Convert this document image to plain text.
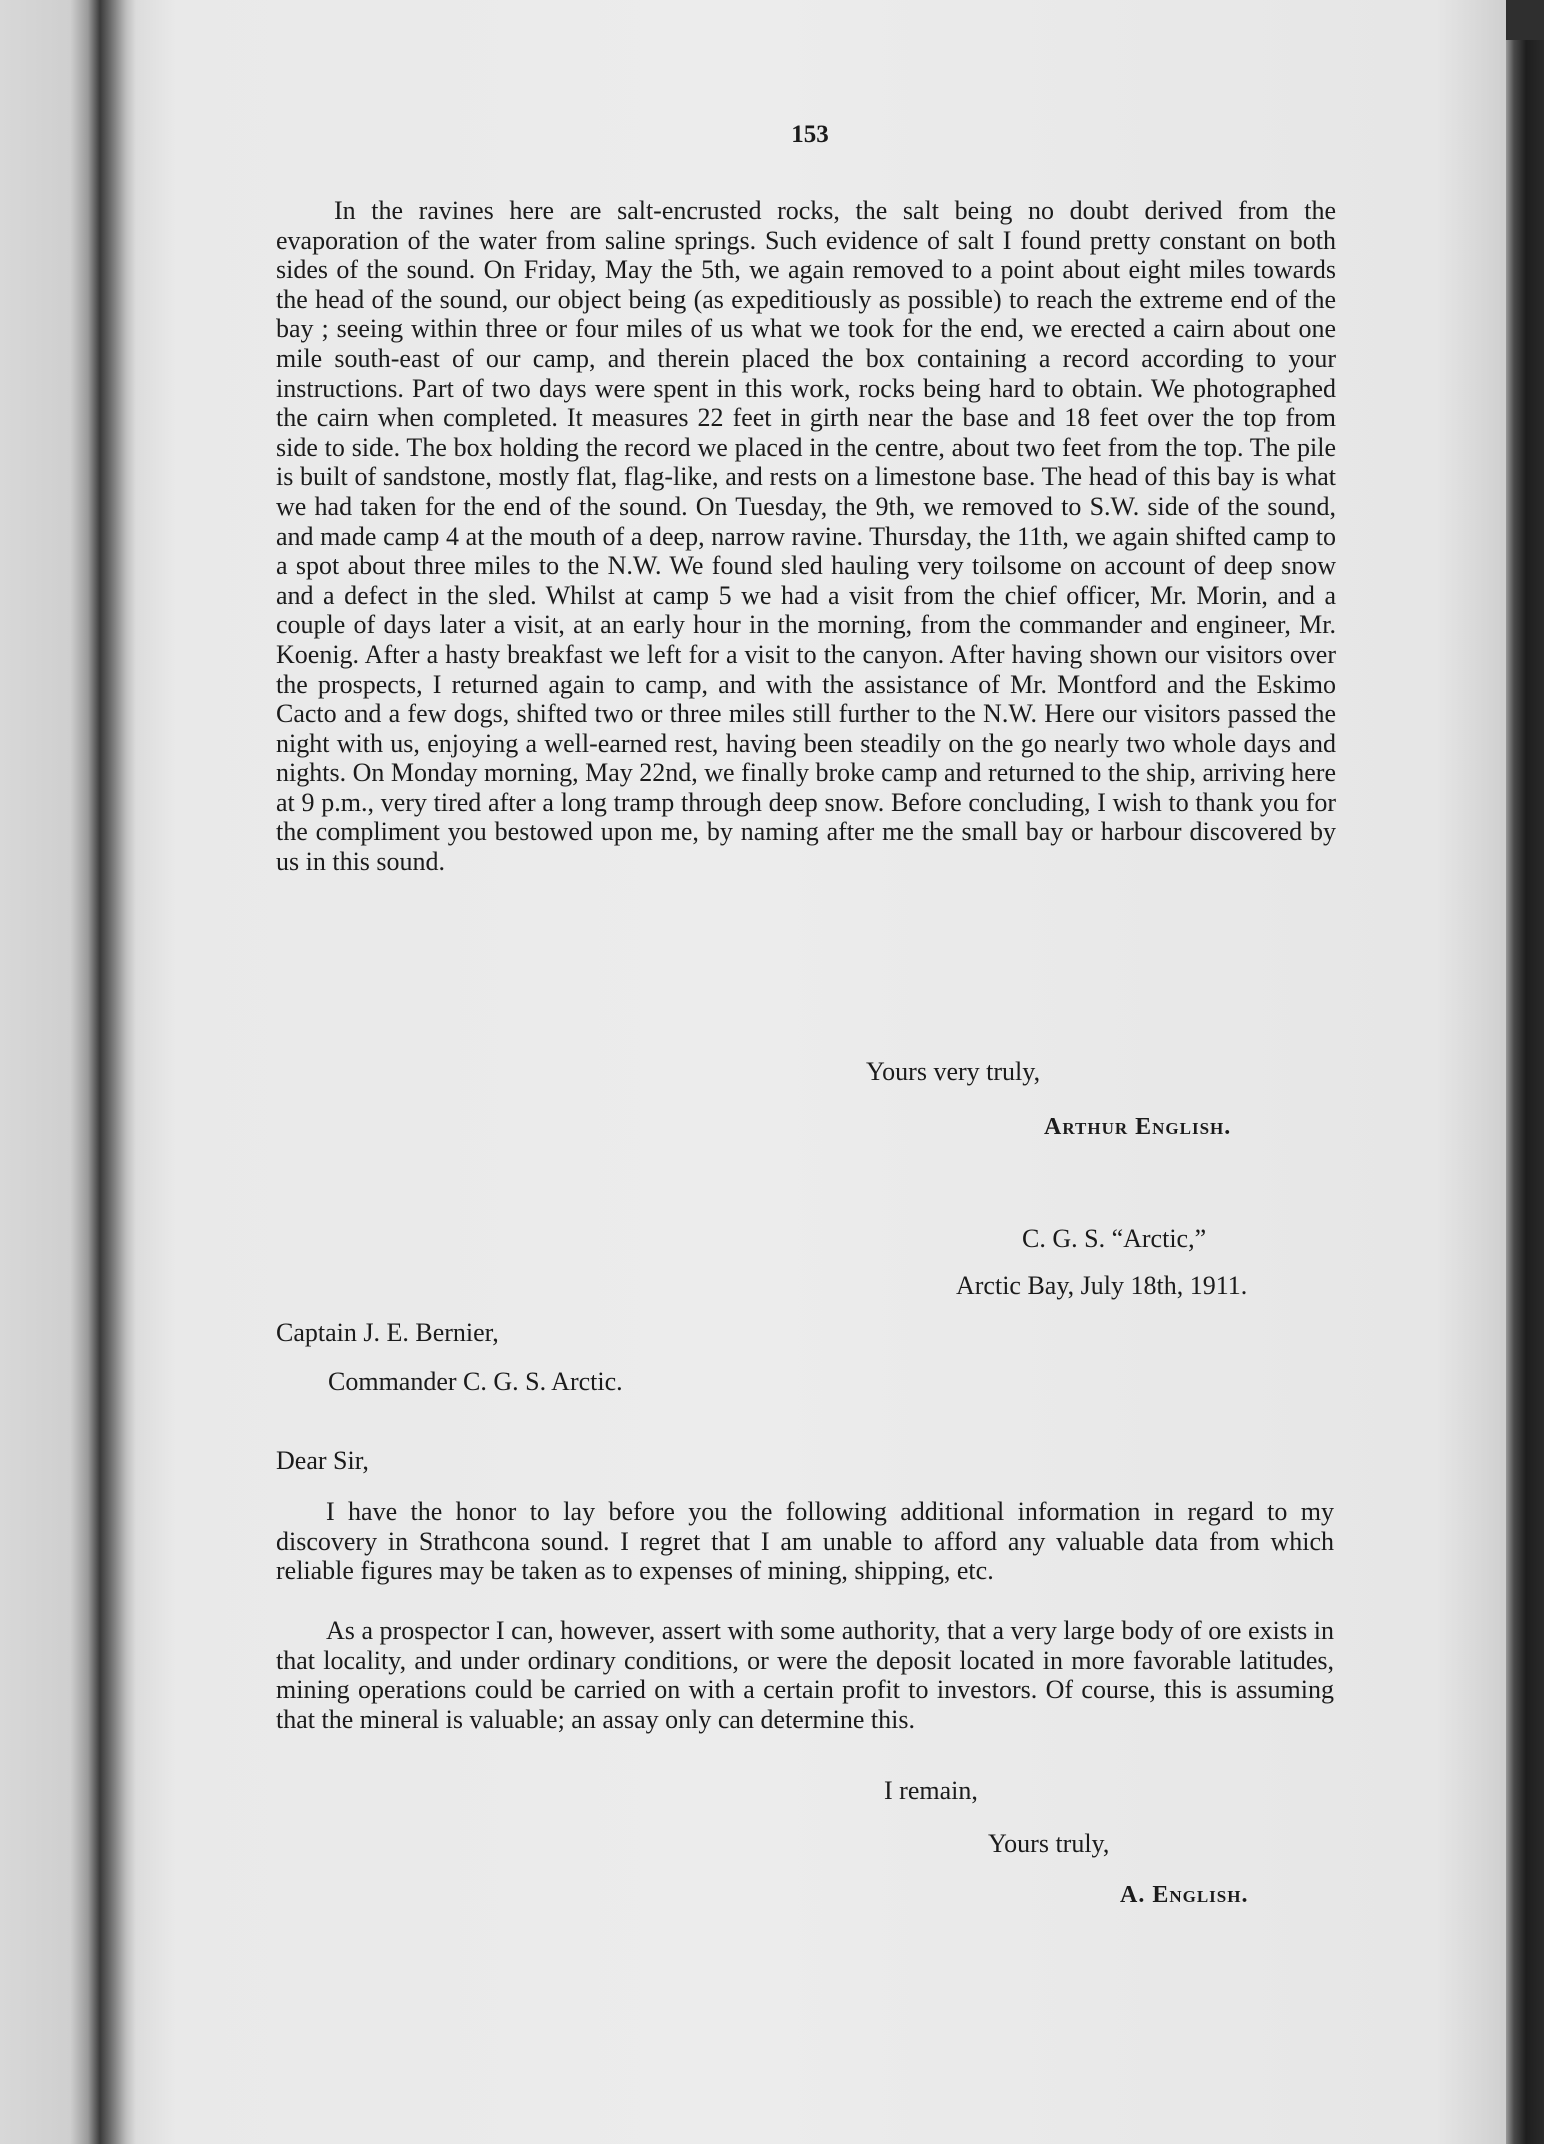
153

In the ravines here are salt-encrusted rocks, the salt being no doubt derived from the evaporation of the water from saline springs. Such evidence of salt I found pretty constant on both sides of the sound. On Friday, May the 5th, we again removed to a point about eight miles towards the head of the sound, our object being (as expeditiously as possible) to reach the extreme end of the bay ; seeing within three or four miles of us what we took for the end, we erected a cairn about one mile south-east of our camp, and therein placed the box containing a record according to your instructions. Part of two days were spent in this work, rocks being hard to obtain. We photographed the cairn when completed. It measures 22 feet in girth near the base and 18 feet over the top from side to side. The box holding the record we placed in the centre, about two feet from the top. The pile is built of sandstone, mostly flat, flag-like, and rests on a limestone base. The head of this bay is what we had taken for the end of the sound. On Tuesday, the 9th, we removed to S.W. side of the sound, and made camp 4 at the mouth of a deep, narrow ravine. Thursday, the 11th, we again shifted camp to a spot about three miles to the N.W. We found sled hauling very toilsome on account of deep snow and a defect in the sled. Whilst at camp 5 we had a visit from the chief officer, Mr. Morin, and a couple of days later a visit, at an early hour in the morning, from the commander and engineer, Mr. Koenig. After a hasty breakfast we left for a visit to the canyon. After having shown our visitors over the prospects, I returned again to camp, and with the assistance of Mr. Montford and the Eskimo Cacto and a few dogs, shifted two or three miles still further to the N.W. Here our visitors passed the night with us, enjoying a well-earned rest, having been steadily on the go nearly two whole days and nights. On Monday morning, May 22nd, we finally broke camp and returned to the ship, arriving here at 9 p.m., very tired after a long tramp through deep snow. Before concluding, I wish to thank you for the compliment you bestowed upon me, by naming after me the small bay or harbour discovered by us in this sound.

Yours very truly,
Arthur English.
C. G. S. “Arctic,”
Arctic Bay, July 18th, 1911.
Captain J. E. Bernier,
Commander C. G. S. Arctic.
Dear Sir,

I have the honor to lay before you the following additional information in regard to my discovery in Strathcona sound. I regret that I am unable to afford any valuable data from which reliable figures may be taken as to expenses of mining, shipping, etc.

As a prospector I can, however, assert with some authority, that a very large body of ore exists in that locality, and under ordinary conditions, or were the deposit located in more favorable latitudes, mining operations could be carried on with a certain profit to investors. Of course, this is assuming that the mineral is valuable; an assay only can determine this.

I remain,
Yours truly,
A. English.
